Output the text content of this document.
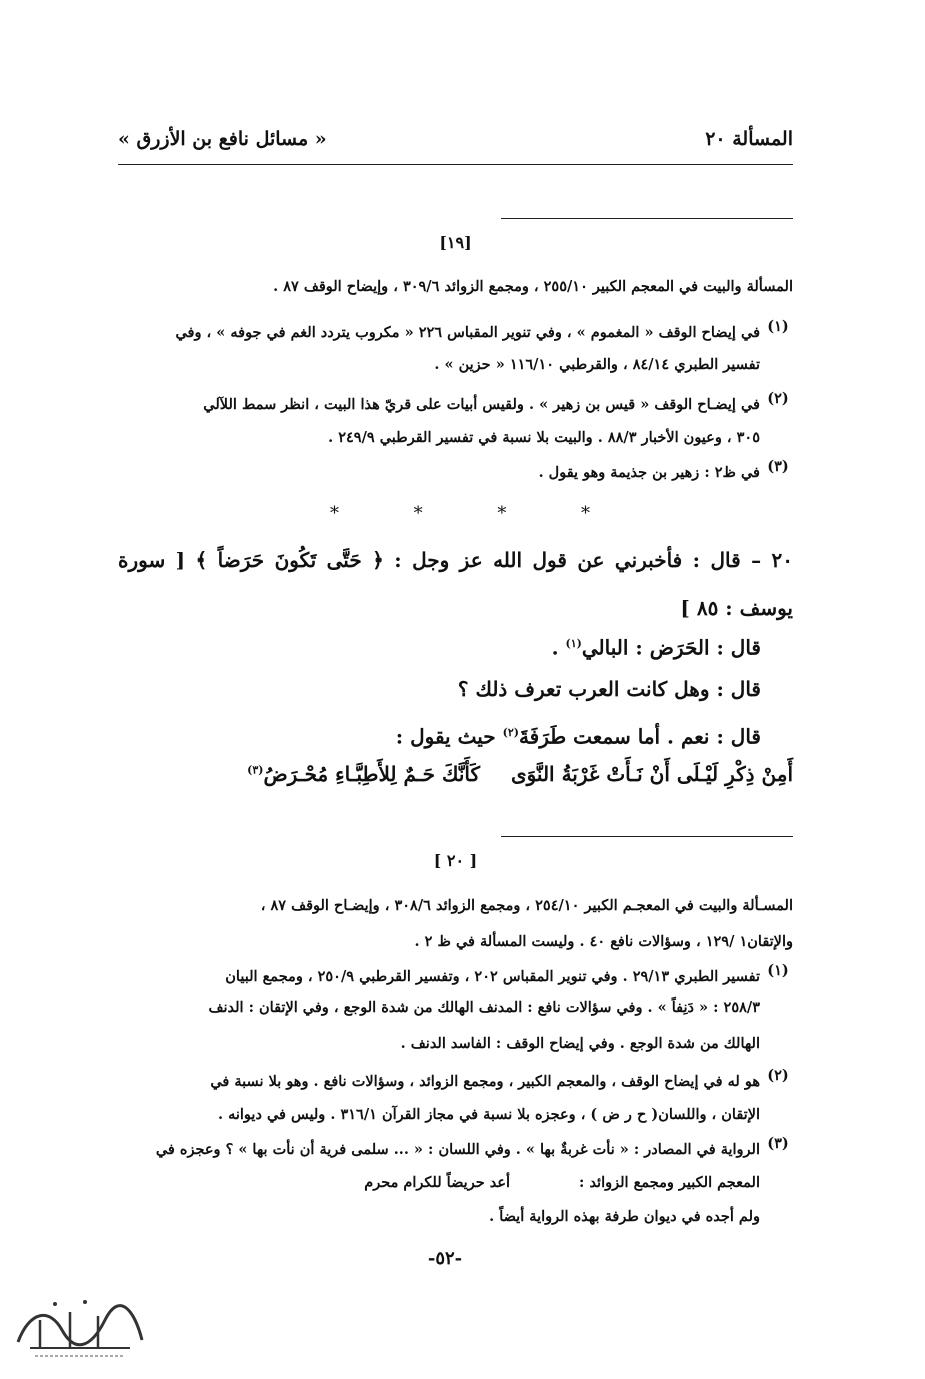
المسألة ٢٠
« مسائل نافع بن الأزرق »
[١٩]
المسألة والبيت في المعجم الكبير ٢٥٥/١٠ ، ومجمع الزوائد ٣٠٩/٦ ، وإيضاح الوقف ٨٧ .
(١)
في إيضاح الوقف « المغموم » ، وفي تنوير المقباس ٢٢٦ « مكروب يتردد الغم في جوفه » ، وفي
تفسير الطبري ٨٤/١٤ ، والقرطبي ١١٦/١٠ « حزين » .
(٢)
في إيضـاح الوقف « قيس بن زهير » . ولقيس أبيات على قريّ هذا البيت ، انظر سمط اللآلي
٣٠٥ ، وعيون الأخبار ٨٨/٣ . والبيت بلا نسبة في تفسير القرطبي ٢٤٩/٩ .
(٣)
في ظ٢ : زهير بن جذيمة وهو يقول .
*	*	*	*
٢٠ – قال : فأخبرني عن قول الله عز وجل : ﴿ حَتَّى تَكُونَ حَرَضاً ﴾ [ سورة
يوسف : ٨٥ ]
قال : الحَرَض : البالي$^{(١)}$ .
قال : وهل كانت العرب تعرف ذلك ؟
قال : نعم . أما سمعت طَرَفَةَ$^{(٢)}$ حيث يقول :
أَمِنْ ذِكْرِ لَيْـلَى أَنْ نَـأَتْ غَرْبَةُ النَّوَى
كَأَنَّكَ حَـمٌ لِلأَطِبَّـاءِ مُحْـرَضُ$^{(٣)}$
[ ٢٠ ]
المسـألة والبيت في المعجـم الكبير ٢٥٤/١٠ ، ومجمع الزوائد ٣٠٨/٦ ، وإيضـاح الوقف ٨٧ ،
والإتقان١ /١٢٩ ، وسؤالات نافع ٤٠ . وليست المسألة في ظ ٢ .
(١)
تفسير الطبري ٢٩/١٣ . وفي تنوير المقباس ٢٠٢ ، وتفسير القرطبي ٢٥٠/٩ ، ومجمع البيان
٢٥٨/٣ : « دَنِفاً » . وفي سؤالات نافع : المدنف الهالك من شدة الوجع ، وفي الإتقان : الدنف
الهالك من شدة الوجع . وفي إيضاح الوقف : الفاسد الدنف .
(٢)
هو له في إيضاح الوقف ، والمعجم الكبير ، ومجمع الزوائد ، وسؤالات نافع . وهو بلا نسبة في
الإتقان ، واللسان( ح ر ض ) ، وعجزه بلا نسبة في مجاز القرآن ٣١٦/١ . وليس في ديوانه .
(٣)
الرواية في المصادر : « نأت غربةٌ بها » . وفي اللسان : « ... سلمى فرية أن نأت بها » ؟ وعجزه في
المعجم الكبير ومجمع الزوائد :
أعد حريضاً للكرام محرم
ولم أجده في ديوان طرفة بهذه الرواية أيضاً .
-٥٢-
